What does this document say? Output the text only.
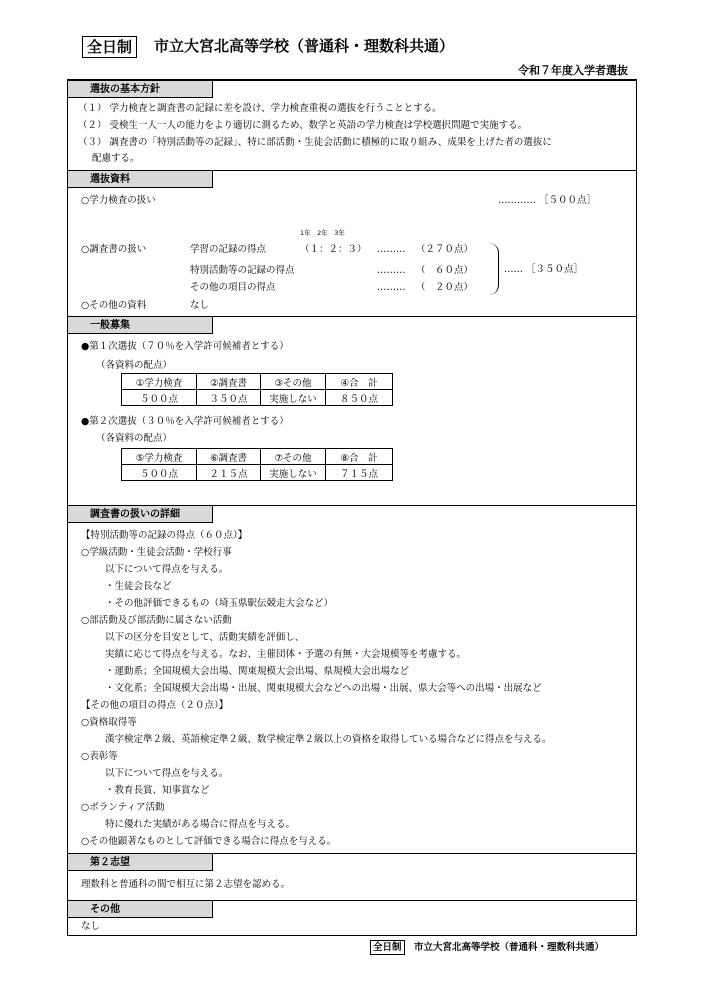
全日制	市立大宮北高等学校（普通科・理数科共通）
令和７年度入学者選抜
選抜の基本方針
（１） 学力検査と調査書の記録に差を設け、学力検査重視の選抜を行うこととする。
（２） 受検生一人一人の能力をより適切に測るため、数学と英語の学力検査は学校選択問題で実施する。
（３） 調査書の「特別活動等の記録」、特に部活動・生徒会活動に積極的に取り組み、成果を上げた者の選抜に
配慮する。
選抜資料
○学力検査の扱い	………… ［５００点］
1年　2年　3年
○調査書の扱い	学習の記録の得点	（１：２：３） ……… （２７０点）
特別活動等の記録の得点	……… （　６０点）
その他の項目の得点	……… （　２０点）
…… ［３５０点］
○その他の資料	なし
一般募集
●第１次選抜（７０％を入学許可候補者とする）
（各資料の配点）
①学力検査	②調査書	③その他	④合　計
５００点	３５０点	実施しない	８５０点
●第２次選抜（３０％を入学許可候補者とする）
（各資料の配点）
⑤学力検査	⑥調査書	⑦その他	⑧合　計
５００点	２１５点	実施しない	７１５点
調査書の扱いの詳細
【特別活動等の記録の得点（６０点）】
○学級活動・生徒会活動・学校行事
以下について得点を与える。
・生徒会長など
・その他評価できるもの（埼玉県駅伝競走大会など）
○部活動及び部活動に属さない活動
以下の区分を目安として、活動実績を評価し、
実績に応じて得点を与える。なお、主催団体・予選の有無・大会規模等を考慮する。
・運動系；全国規模大会出場、関東規模大会出場、県規模大会出場など
・文化系；全国規模大会出場・出展、関東規模大会などへの出場・出展、県大会等への出場・出展など
【その他の項目の得点（２０点）】
○資格取得等
漢字検定準２級、英語検定準２級、数学検定準２級以上の資格を取得している場合などに得点を与える。
○表彰等
以下について得点を与える。
・教育長賞、知事賞など
○ボランティア活動
特に優れた実績がある場合に得点を与える。
○その他顕著なものとして評価できる場合に得点を与える。
第２志望
理数科と普通科の間で相互に第２志望を認める。
その他
なし
全日制	市立大宮北高等学校（普通科・理数科共通）
